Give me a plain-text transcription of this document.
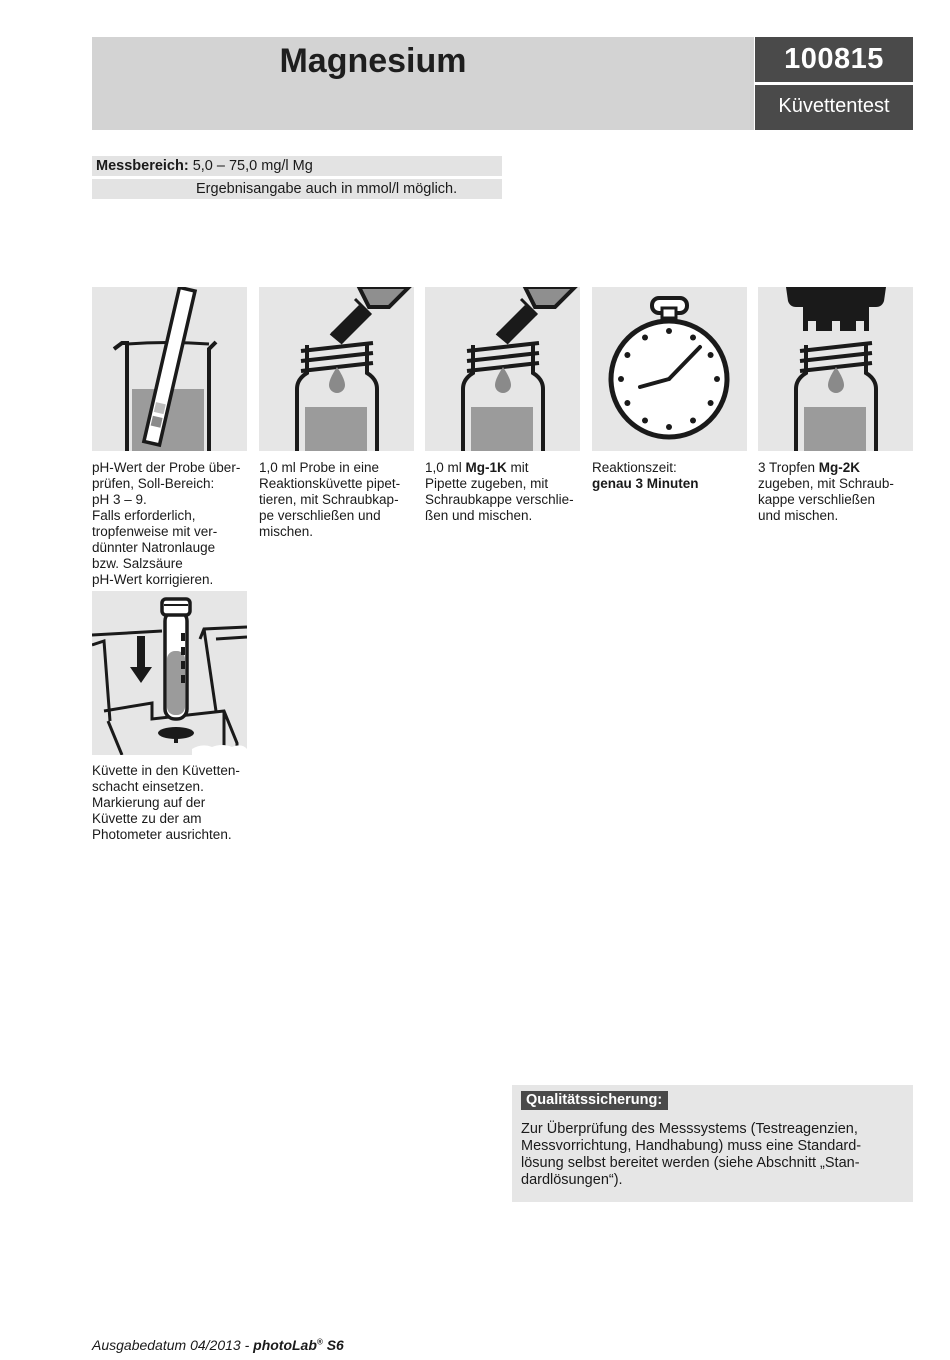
Magnesium	100815
Küvettentest
Messbereich: 5,0 – 75,0 mg/l Mg
Ergebnisangabe auch in mmol/l möglich.
pH-Wert der Probe über-
prüfen, Soll-Bereich:
pH 3 – 9.
Falls erforderlich,
tropfenweise mit ver-
dünnter Natronlauge
bzw. Salzsäure
pH-Wert korrigieren.
1,0 ml Probe in eine
Reaktionsküvette pipet-
tieren, mit Schraubkap-
pe verschließen und
mischen.
1,0 ml Mg-1K mit
Pipette zugeben, mit
Schraubkappe verschlie-
ßen und mischen.
Reaktionszeit:
genau 3 Minuten
3 Tropfen Mg-2K
zugeben, mit Schraub-
kappe verschließen
und mischen.
Küvette in den Küvetten-
schacht einsetzen.
Markierung auf der
Küvette zu der am
Photometer ausrichten.
Qualitätssicherung:
Zur Überprüfung des Messsystems (Testreagenzien,
Messvorrichtung, Handhabung) muss eine Standard-
lösung selbst bereitet werden (siehe Abschnitt „Stan-
dardlösungen“).
Ausgabedatum 04/2013 - photoLab® S6
